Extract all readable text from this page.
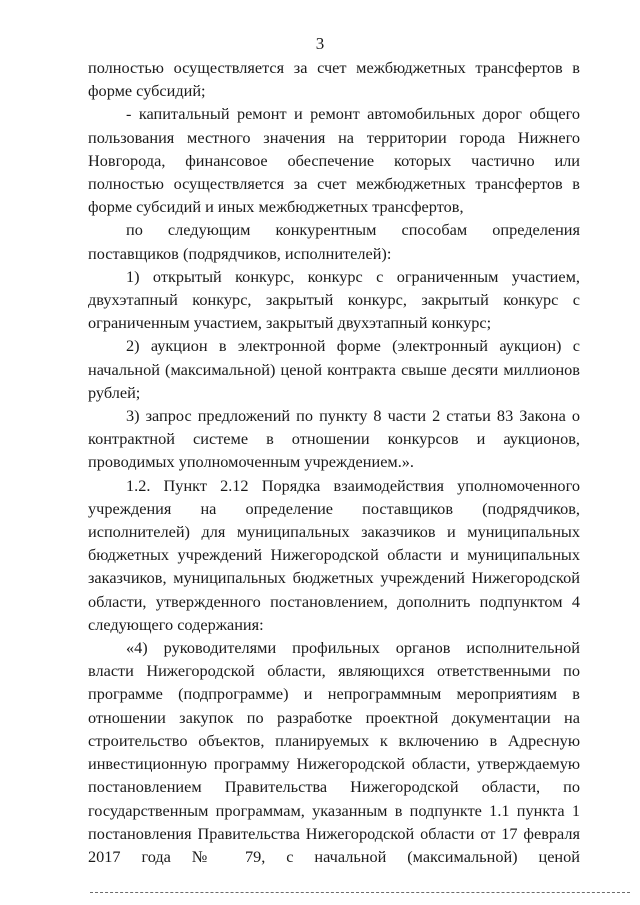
3

полностью осуществляется за счет межбюджетных трансфертов в форме субсидий;

- капитальный ремонт и ремонт автомобильных дорог общего пользования местного значения на территории города Нижнего Новгорода, финансовое обеспечение которых частично или полностью осуществляется за счет межбюджетных трансфертов в форме субсидий и иных межбюджетных трансфертов,

по следующим конкурентным способам определения поставщиков (подрядчиков, исполнителей):

1) открытый конкурс, конкурс с ограниченным участием, двухэтапный конкурс, закрытый конкурс, закрытый конкурс с ограниченным участием, закрытый двухэтапный конкурс;

2) аукцион в электронной форме (электронный аукцион) с начальной (максимальной) ценой контракта свыше десяти миллионов рублей;

3) запрос предложений по пункту 8 части 2 статьи 83 Закона о контрактной системе в отношении конкурсов и аукционов, проводимых уполномоченным учреждением.».

1.2. Пункт 2.12 Порядка взаимодействия уполномоченного учреждения на определение поставщиков (подрядчиков, исполнителей) для муниципальных заказчиков и муниципальных бюджетных учреждений Нижегородской области и муниципальных заказчиков, муниципальных бюджетных учреждений Нижегородской области, утвержденного постановлением, дополнить подпунктом 4 следующего содержания:

«4) руководителями профильных органов исполнительной власти Нижегородской области, являющихся ответственными по программе (подпрограмме) и непрограммным мероприятиям в отношении закупок по разработке проектной документации на строительство объектов, планируемых к включению в Адресную инвестиционную программу Нижегородской области, утверждаемую постановлением Правительства Нижегородской области, по государственным программам, указанным в подпункте 1.1 пункта 1 постановления Правительства Нижегородской области от 17 февраля 2017 года № 79, с начальной (максимальной) ценой
